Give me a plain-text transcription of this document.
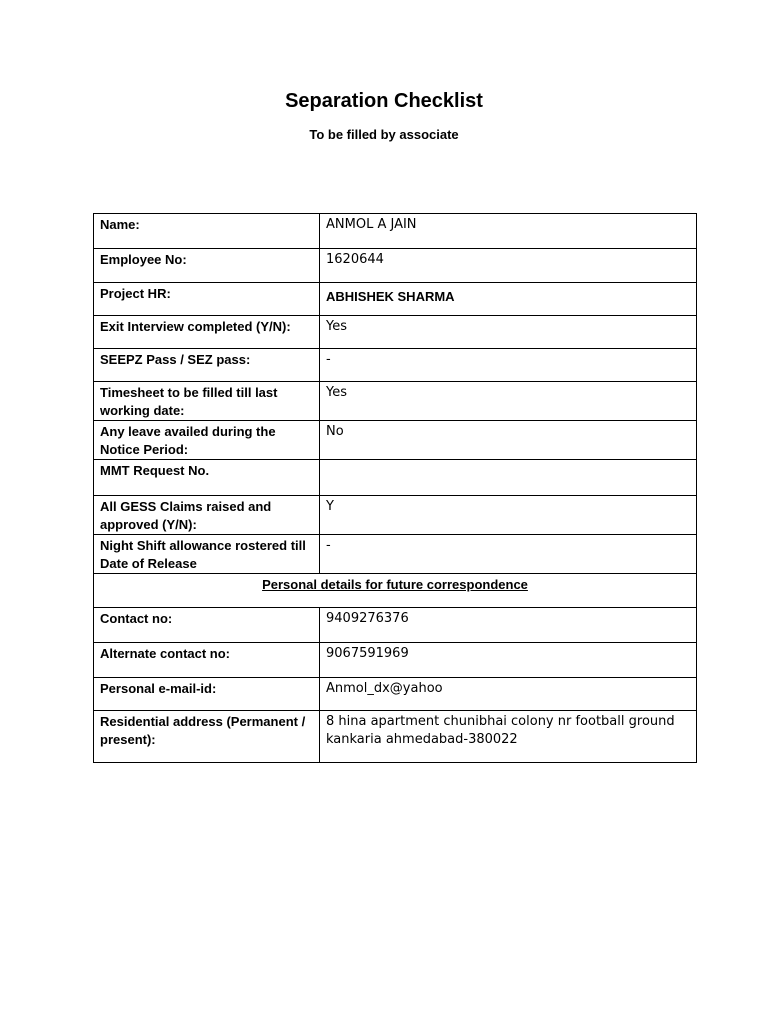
Separation Checklist
To be filled by associate
Name:	ANMOL A JAIN
Employee No:	1620644
Project HR:	ABHISHEK SHARMA
Exit Interview completed (Y/N):	Yes
SEEPZ Pass / SEZ pass:	-
Timesheet to be filled till last working date:	Yes
Any leave availed during the Notice Period:	No
MMT Request No.	
All GESS Claims raised and approved (Y/N):	Y
Night Shift allowance rostered till Date of Release	-
Personal details for future correspondence	
Contact no:	9409276376
Alternate contact no:	9067591969
Personal e-mail-id:	Anmol_dx@yahoo
Residential address (Permanent / present):	8 hina apartment chunibhai colony nr football ground kankaria ahmedabad-380022
